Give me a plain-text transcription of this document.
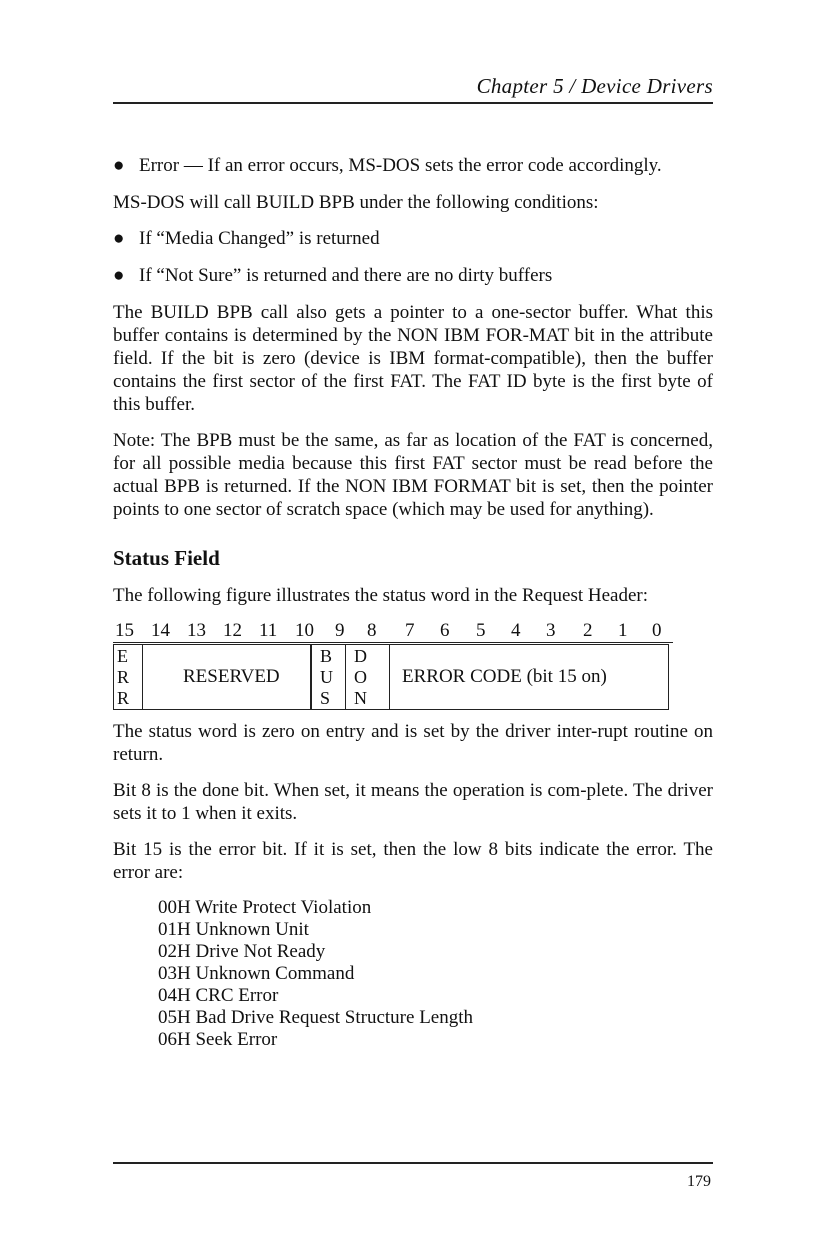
Chapter 5 / Device Drivers
● Error — If an error occurs, MS-DOS sets the error code accordingly.

MS-DOS will call BUILD BPB under the following conditions:

● If “Media Changed” is returned
● If “Not Sure” is returned and there are no dirty buffers

The BUILD BPB call also gets a pointer to a one-sector buffer. What this buffer contains is determined by the NON IBM FOR-MAT bit in the attribute field. If the bit is zero (device is IBM format-compatible), then the buffer contains the first sector of the first FAT. The FAT ID byte is the first byte of this buffer.

Note: The BPB must be the same, as far as location of the FAT is concerned, for all possible media because this first FAT sector must be read before the actual BPB is returned. If the NON IBM FORMAT bit is set, then the pointer points to one sector of scratch space (which may be used for anything).

Status Field

The following figure illustrates the status word in the Request Header:

15 14 13 12 11 10 9 8 7 6 5 4 3 2 1 0
E
R
R
RESERVED
B
U
S
D
O
N
ERROR CODE (bit 15 on)

The status word is zero on entry and is set by the driver inter-rupt routine on return.

Bit 8 is the done bit. When set, it means the operation is com-plete. The driver sets it to 1 when it exits.

Bit 15 is the error bit. If it is set, then the low 8 bits indicate the error. The error are:

00H Write Protect Violation
01H Unknown Unit
02H Drive Not Ready
03H Unknown Command
04H CRC Error
05H Bad Drive Request Structure Length
06H Seek Error
179
